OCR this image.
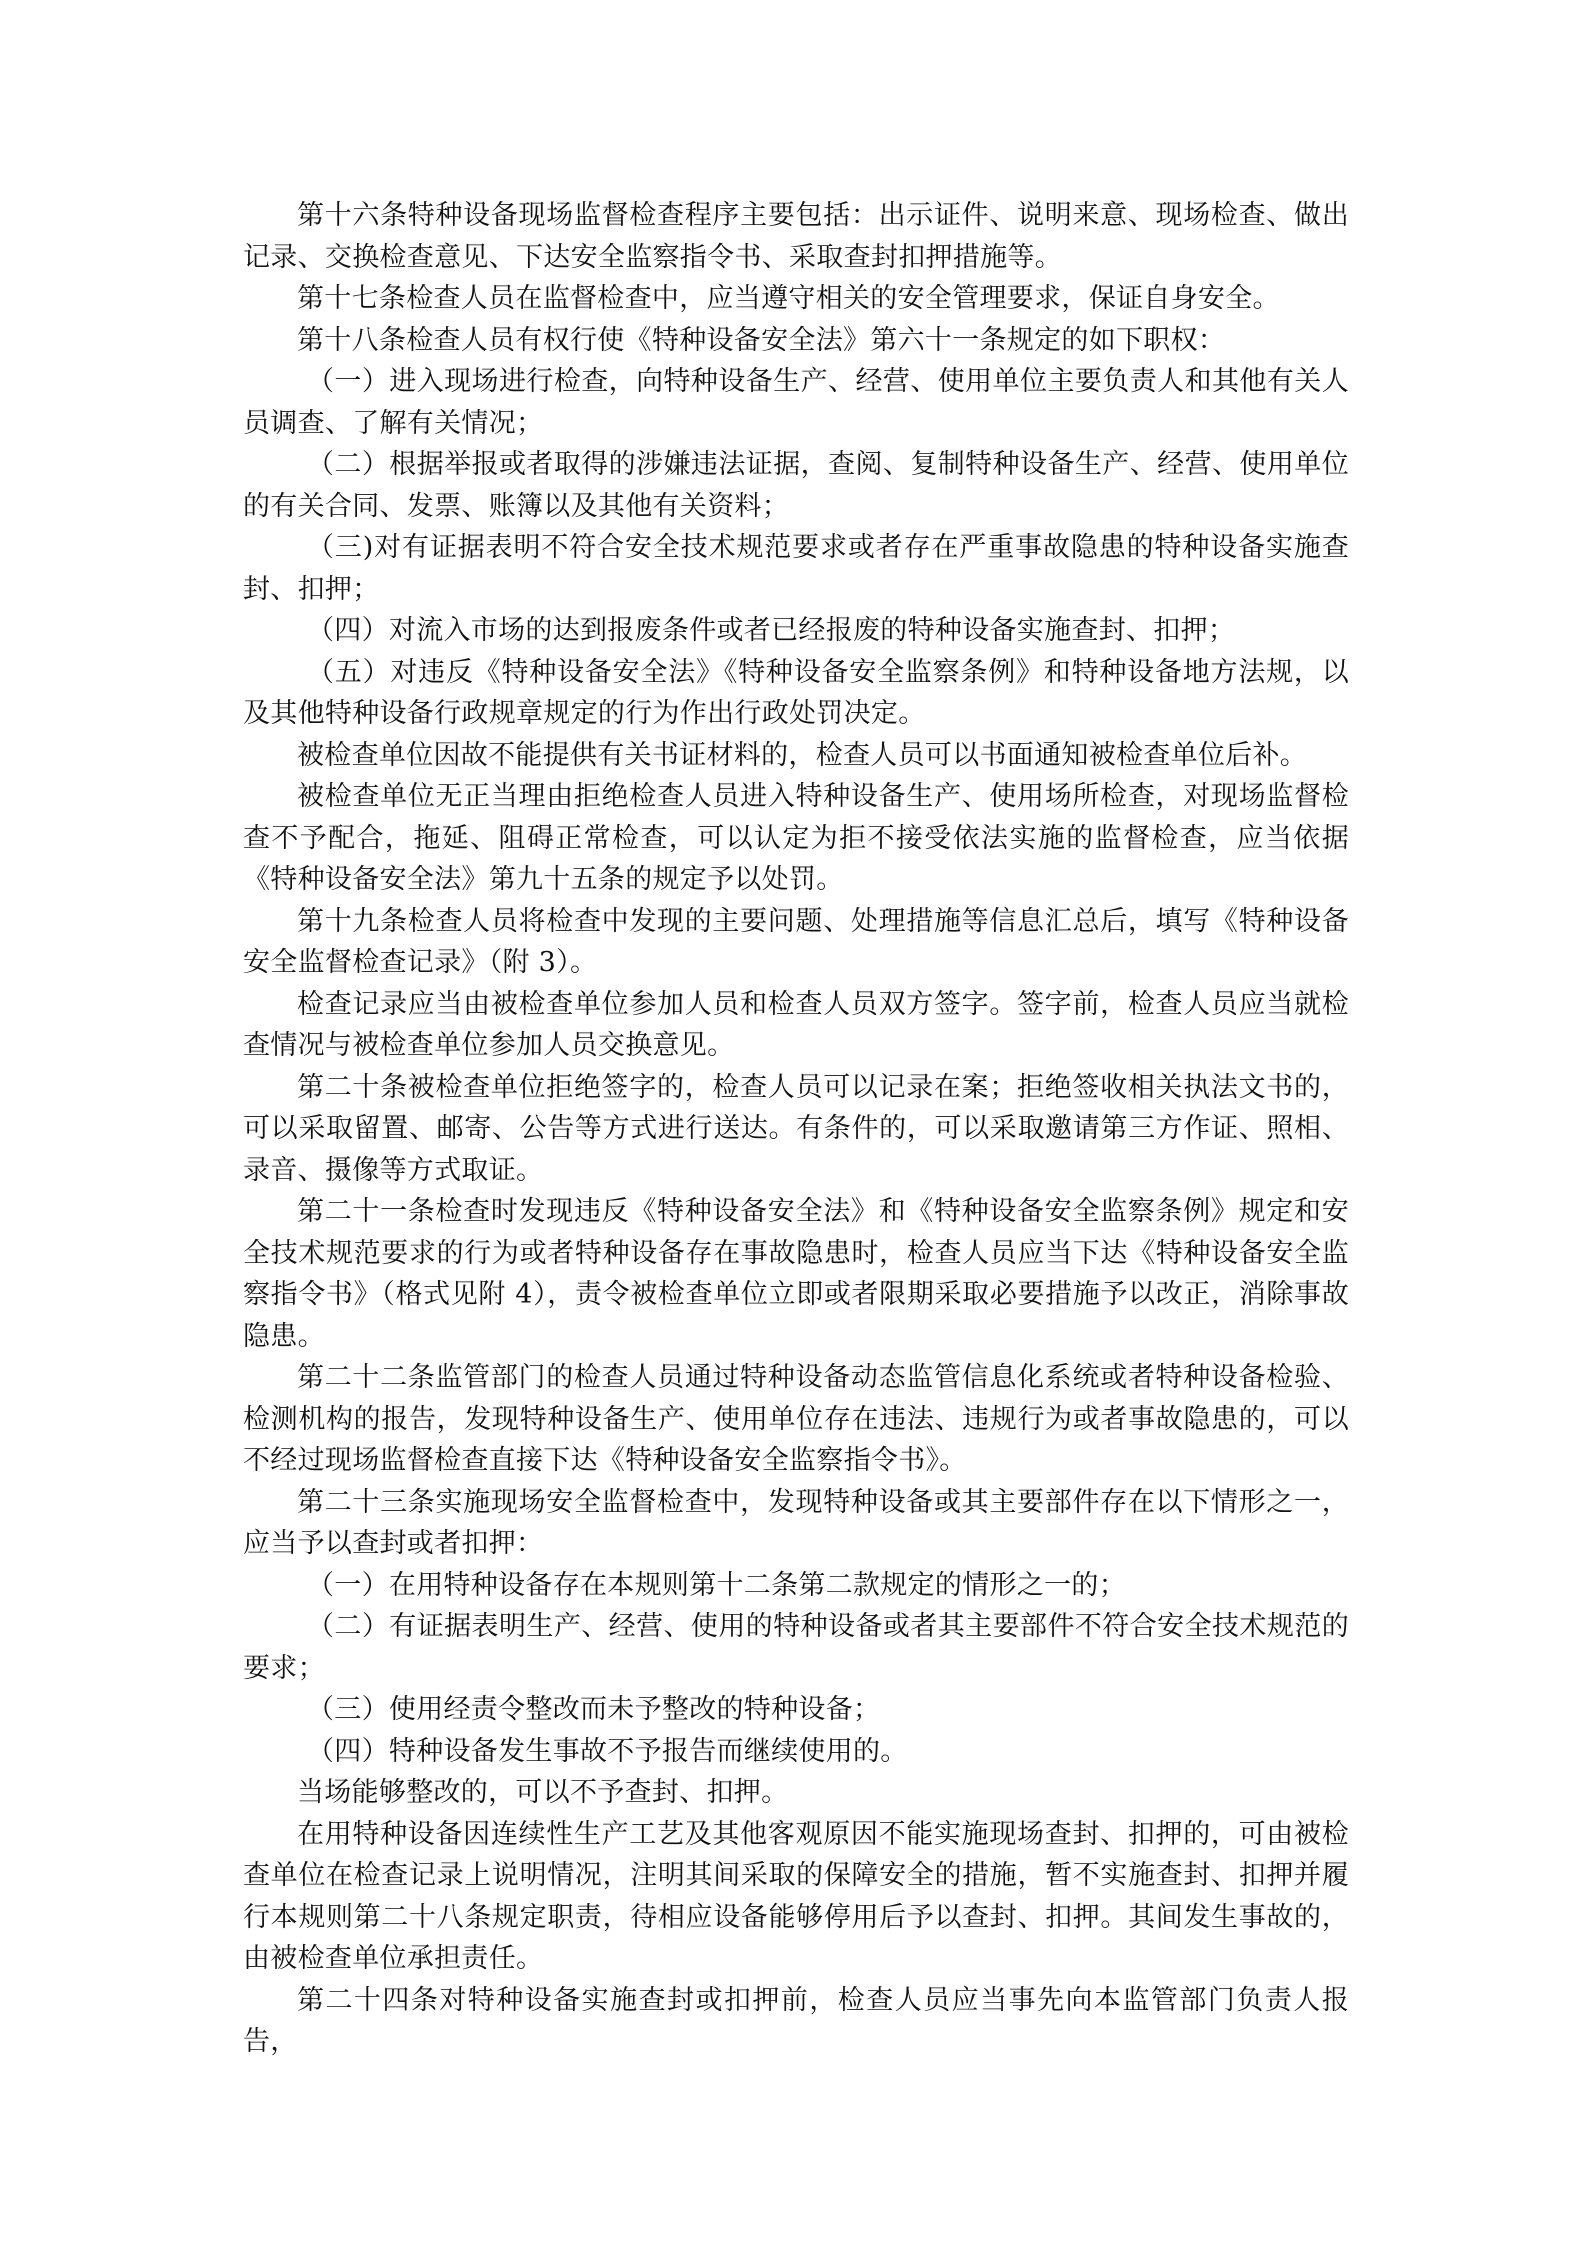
第十六条特种设备现场监督检查程序主要包括：出示证件、说明来意、现场检查、做出记录、交换检查意见、下达安全监察指令书、采取查封扣押措施等。

第十七条检查人员在监督检查中，应当遵守相关的安全管理要求，保证自身安全。

第十八条检查人员有权行使《特种设备安全法》第六十一条规定的如下职权：

（一）进入现场进行检查，向特种设备生产、经营、使用单位主要负责人和其他有关人员调查、了解有关情况；

（二）根据举报或者取得的涉嫌违法证据，查阅、复制特种设备生产、经营、使用单位的有关合同、发票、账簿以及其他有关资料；

（三)对有证据表明不符合安全技术规范要求或者存在严重事故隐患的特种设备实施查封、扣押；

（四）对流入市场的达到报废条件或者已经报废的特种设备实施查封、扣押；

（五）对违反《特种设备安全法》《特种设备安全监察条例》和特种设备地方法规，以及其他特种设备行政规章规定的行为作出行政处罚决定。

被检查单位因故不能提供有关书证材料的，检查人员可以书面通知被检查单位后补。

被检查单位无正当理由拒绝检查人员进入特种设备生产、使用场所检查，对现场监督检查不予配合，拖延、阻碍正常检查，可以认定为拒不接受依法实施的监督检查，应当依据《特种设备安全法》第九十五条的规定予以处罚。

第十九条检查人员将检查中发现的主要问题、处理措施等信息汇总后，填写《特种设备安全监督检查记录》（附 3）。

检查记录应当由被检查单位参加人员和检查人员双方签字。签字前，检查人员应当就检查情况与被检查单位参加人员交换意见。

第二十条被检查单位拒绝签字的，检查人员可以记录在案；拒绝签收相关执法文书的，可以采取留置、邮寄、公告等方式进行送达。有条件的，可以采取邀请第三方作证、照相、录音、摄像等方式取证。

第二十一条检查时发现违反《特种设备安全法》和《特种设备安全监察条例》规定和安全技术规范要求的行为或者特种设备存在事故隐患时，检查人员应当下达《特种设备安全监察指令书》（格式见附 4），责令被检查单位立即或者限期采取必要措施予以改正，消除事故隐患。

第二十二条监管部门的检查人员通过特种设备动态监管信息化系统或者特种设备检验、检测机构的报告，发现特种设备生产、使用单位存在违法、违规行为或者事故隐患的，可以不经过现场监督检查直接下达《特种设备安全监察指令书》。

第二十三条实施现场安全监督检查中，发现特种设备或其主要部件存在以下情形之一，应当予以查封或者扣押：

（一）在用特种设备存在本规则第十二条第二款规定的情形之一的；

（二）有证据表明生产、经营、使用的特种设备或者其主要部件不符合安全技术规范的要求；

（三）使用经责令整改而未予整改的特种设备；

（四）特种设备发生事故不予报告而继续使用的。

当场能够整改的，可以不予查封、扣押。

在用特种设备因连续性生产工艺及其他客观原因不能实施现场查封、扣押的，可由被检查单位在检查记录上说明情况，注明其间采取的保障安全的措施，暂不实施查封、扣押并履行本规则第二十八条规定职责，待相应设备能够停用后予以查封、扣押。其间发生事故的，由被检查单位承担责任。

第二十四条对特种设备实施查封或扣押前，检查人员应当事先向本监管部门负责人报告，
